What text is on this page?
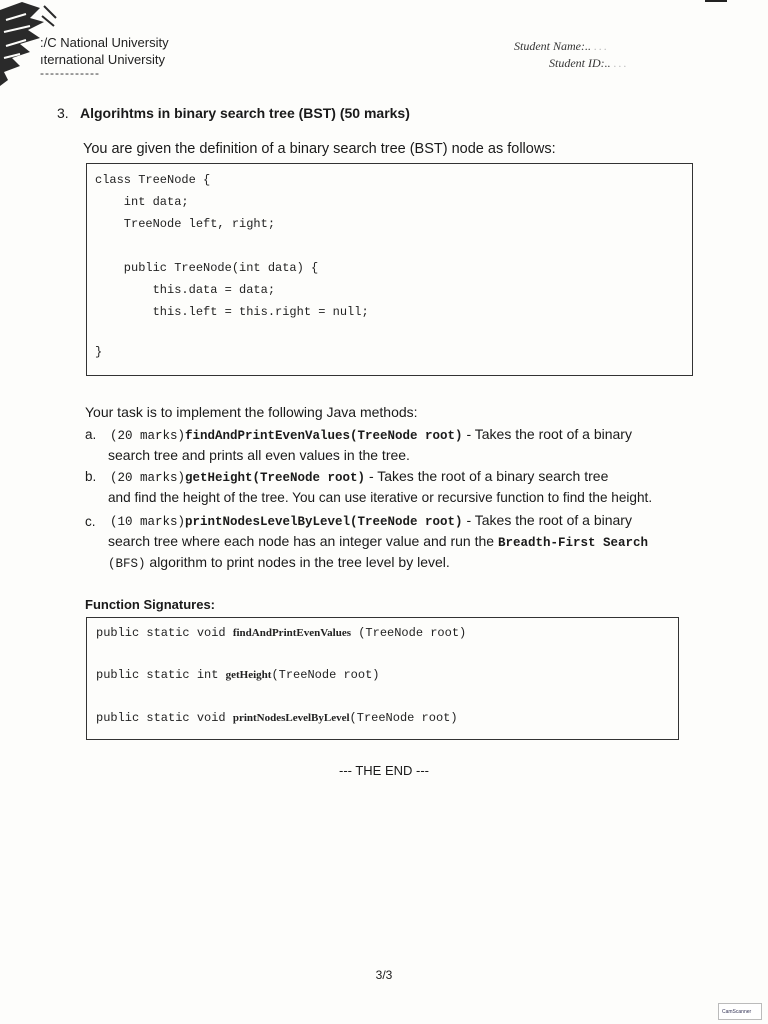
:/C National University
ıternational University
------------
Student Name:.. ...
Student ID:.. ...
3. Algorihtms in binary search tree (BST) (50 marks)
You are given the definition of a binary search tree (BST) node as follows:
class TreeNode {
int data;
TreeNode left, right;
public TreeNode(int data) {
this.data = data;
this.left = this.right = null;
}
Your task is to implement the following Java methods:
a. (20 marks)findAndPrintEvenValues(TreeNode root) - Takes the root of a binary
search tree and prints all even values in the tree.
b. (20 marks)getHeight(TreeNode root) - Takes the root of a binary search tree
and find the height of the tree. You can use iterative or recursive function to find the height.
c. (10 marks)printNodesLevelByLevel(TreeNode root) - Takes the root of a binary
search tree where each node has an integer value and run the Breadth-First Search
(BFS) algorithm to print nodes in the tree level by level.
Function Signatures:
public static void findAndPrintEvenValues (TreeNode root)
public static int getHeight(TreeNode root)
public static void printNodesLevelByLevel(TreeNode root)
--- THE END ---
3/3
CamScanner
